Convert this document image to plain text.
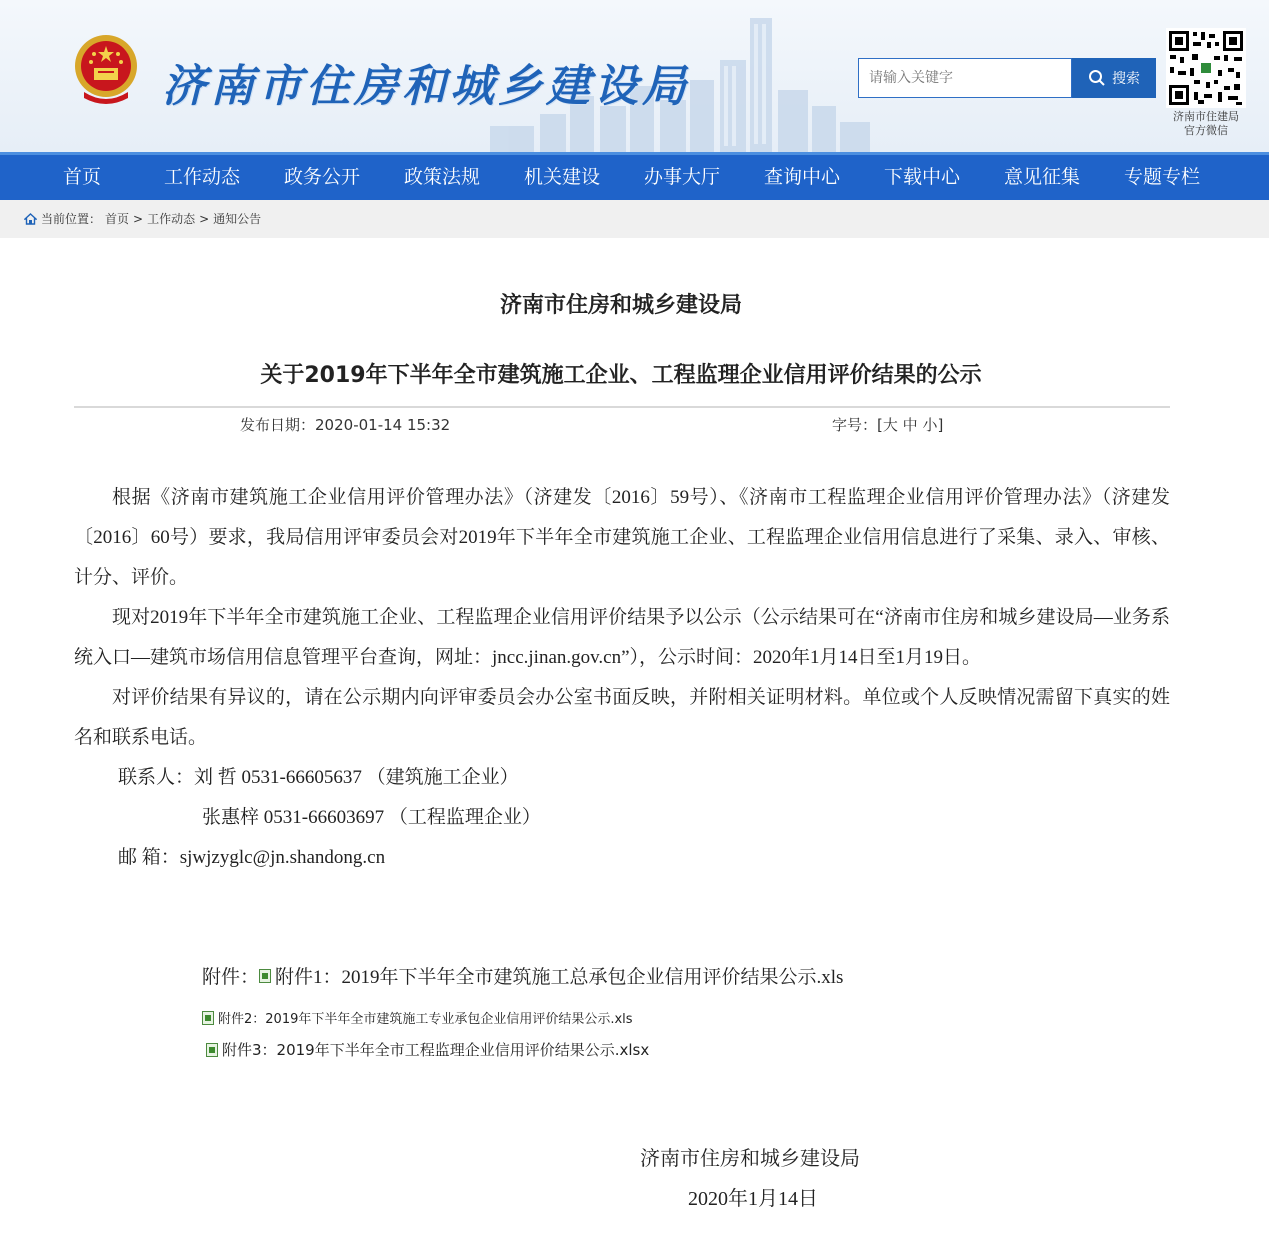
济南市住房和城乡建设局
请输入关键字	搜索
济南市住建局
官方微信
首页	工作动态	政务公开	政策法规	机关建设	办事大厅	查询中心	下载中心	意见征集	专题专栏
当前位置： 首页 > 工作动态 > 通知公告
济南市住房和城乡建设局
关于2019年下半年全市建筑施工企业、工程监理企业信用评价结果的公示
发布日期：2020-01-14 15:32	字号：[大 中 小]

根据《济南市建筑施工企业信用评价管理办法》（济建发〔2016〕59号）、《济南市工程监理企业信用评价管理办法》（济建发〔2016〕60号）要求，我局信用评审委员会对2019年下半年全市建筑施工企业、工程监理企业信用信息进行了采集、录入、审核、计分、评价。

现对2019年下半年全市建筑施工企业、工程监理企业信用评价结果予以公示（公示结果可在“济南市住房和城乡建设局—业务系统入口—建筑市场信用信息管理平台查询，网址：jncc.jinan.gov.cn”），公示时间：2020年1月14日至1月19日。

对评价结果有异议的，请在公示期内向评审委员会办公室书面反映，并附相关证明材料。单位或个人反映情况需留下真实的姓名和联系电话。

联系人：刘 哲 0531-66605637 （建筑施工企业）
张惠梓 0531-66603697 （工程监理企业）
邮 箱：sjwjzyglc@jn.shandong.cn
附件： 附件1：2019年下半年全市建筑施工总承包企业信用评价结果公示.xls
附件2：2019年下半年全市建筑施工专业承包企业信用评价结果公示.xls
附件3：2019年下半年全市工程监理企业信用评价结果公示.xlsx
济南市住房和城乡建设局
2020年1月14日
